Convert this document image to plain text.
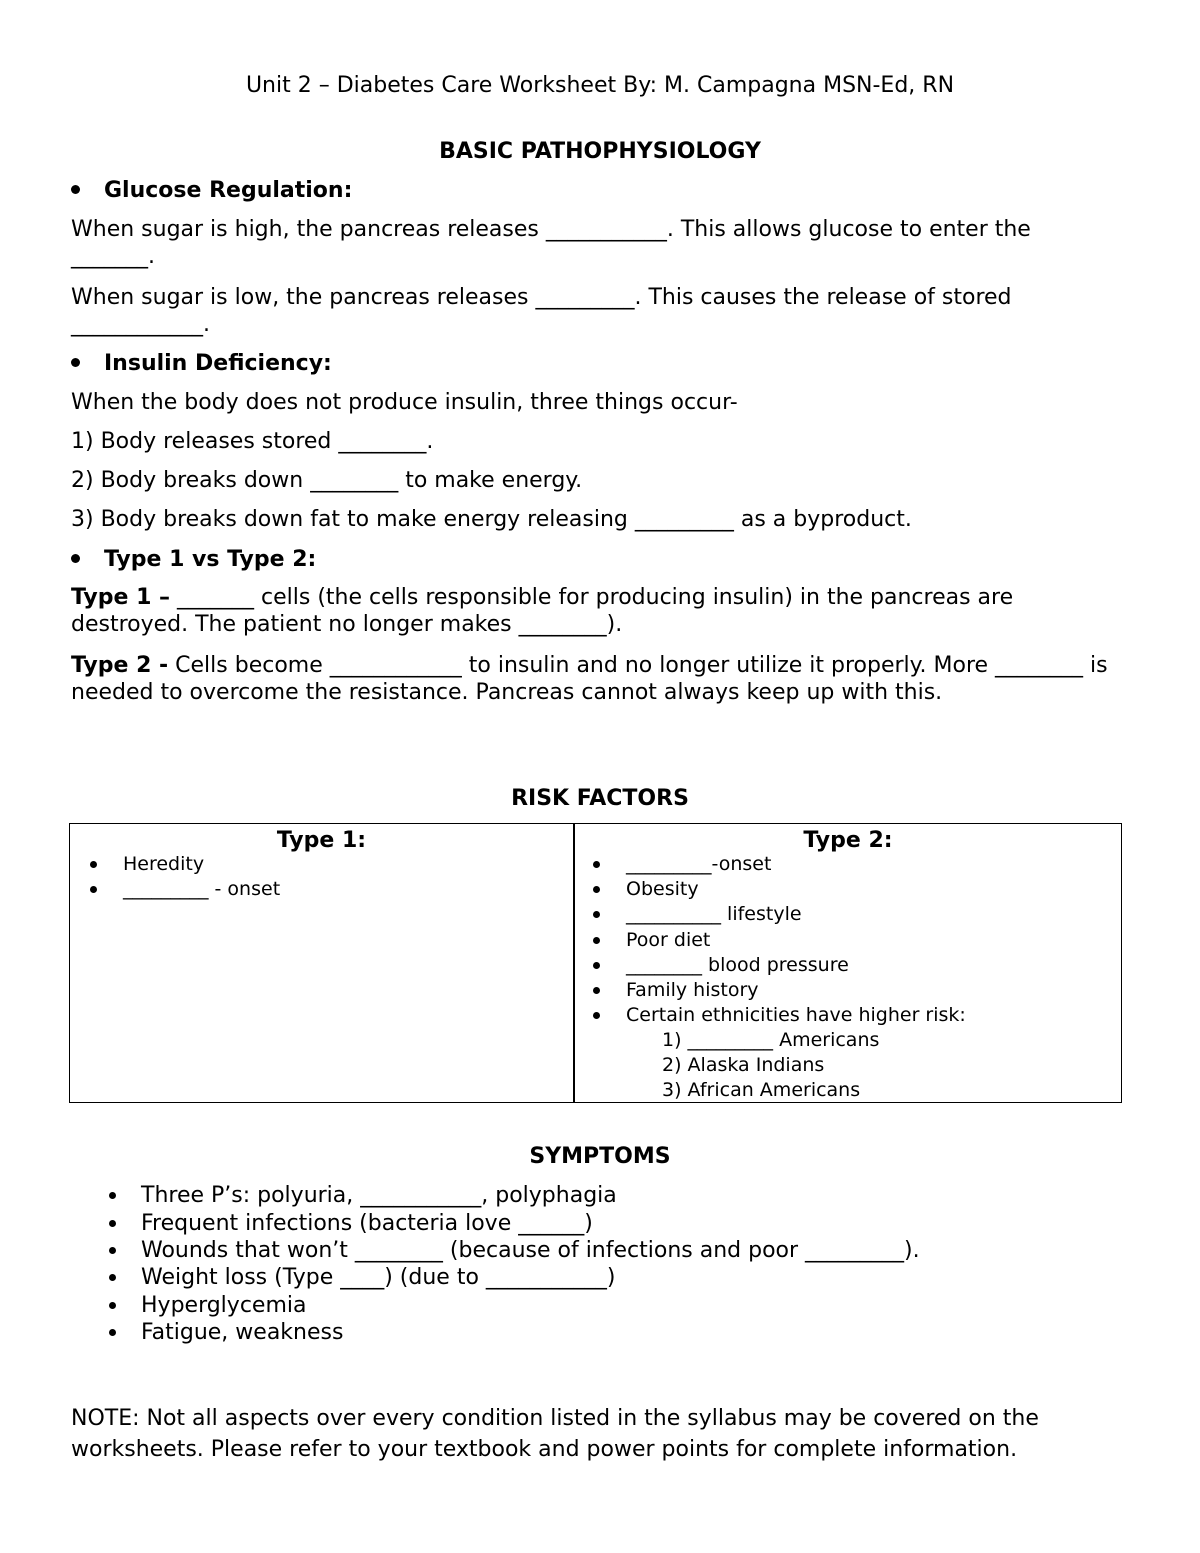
Unit 2 – Diabetes Care Worksheet By: M. Campagna MSN-Ed, RN
BASIC PATHOPHYSIOLOGY
Glucose Regulation:
When sugar is high, the pancreas releases ___________. This allows glucose to enter the
_______.
When sugar is low, the pancreas releases _________. This causes the release of stored
____________.
Insulin Deficiency:
When the body does not produce insulin, three things occur-
1) Body releases stored ________.
2) Body breaks down ________ to make energy.
3) Body breaks down fat to make energy releasing _________ as a byproduct.
Type 1 vs Type 2:
Type 1 – _______ cells (the cells responsible for producing insulin) in the pancreas are destroyed. The patient no longer makes ________).
Type 2 - Cells become ____________ to insulin and no longer utilize it properly. More ________ is needed to overcome the resistance. Pancreas cannot always keep up with this.
RISK FACTORS
Type 1:
Heredity
_________ - onset
Type 2:
_________-onset
Obesity
__________ lifestyle
Poor diet
________ blood pressure
Family history
Certain ethnicities have higher risk:
1) _________ Americans
2) Alaska Indians
3) African Americans
SYMPTOMS
Three P’s: polyuria, ___________, polyphagia
Frequent infections (bacteria love ______)
Wounds that won’t ________ (because of infections and poor _________).
Weight loss (Type ____) (due to ___________)
Hyperglycemia
Fatigue, weakness
NOTE: Not all aspects over every condition listed in the syllabus may be covered on the
worksheets. Please refer to your textbook and power points for complete information.
